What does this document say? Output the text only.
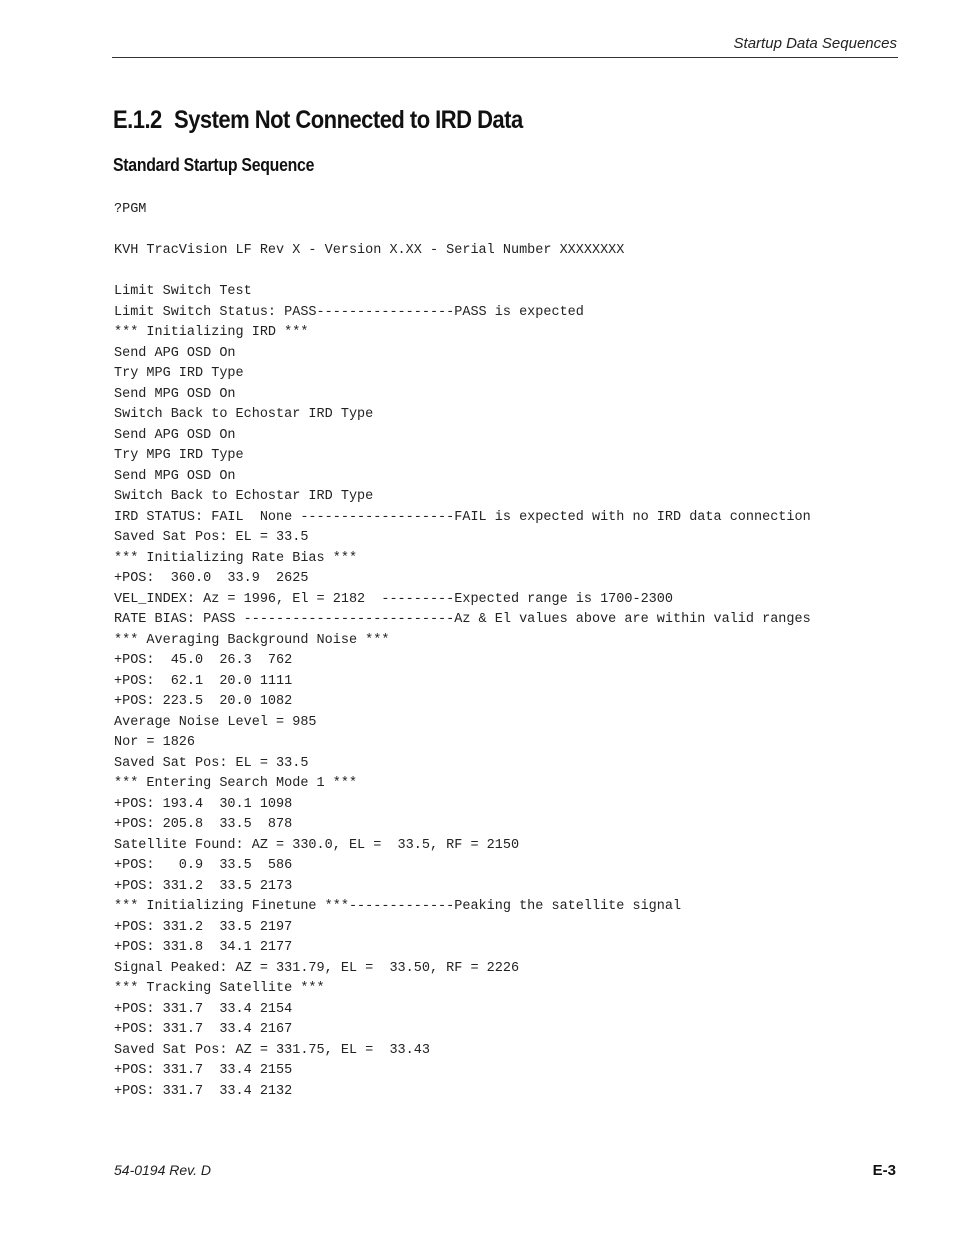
Startup Data Sequences
E.1.2 System Not Connected to IRD Data
Standard Startup Sequence
?PGM
KVH TracVision LF Rev X - Version X.XX - Serial Number XXXXXXXX
Limit Switch Test
Limit Switch Status: PASS-----------------PASS is expected
*** Initializing IRD ***
Send APG OSD On
Try MPG IRD Type
Send MPG OSD On
Switch Back to Echostar IRD Type
Send APG OSD On
Try MPG IRD Type
Send MPG OSD On
Switch Back to Echostar IRD Type
IRD STATUS: FAIL  None -------------------FAIL is expected with no IRD data connection
Saved Sat Pos: EL = 33.5
*** Initializing Rate Bias ***
+POS:  360.0  33.9  2625
VEL_INDEX: Az = 1996, El = 2182  ---------Expected range is 1700-2300
RATE BIAS: PASS --------------------------Az & El values above are within valid ranges
*** Averaging Background Noise ***
+POS:  45.0  26.3  762
+POS:  62.1  20.0 1111
+POS: 223.5  20.0 1082
Average Noise Level = 985
Nor = 1826
Saved Sat Pos: EL = 33.5
*** Entering Search Mode 1 ***
+POS: 193.4  30.1 1098
+POS: 205.8  33.5  878
Satellite Found: AZ = 330.0, EL =  33.5, RF = 2150
+POS:   0.9  33.5  586
+POS: 331.2  33.5 2173
*** Initializing Finetune ***-------------Peaking the satellite signal
+POS: 331.2  33.5 2197
+POS: 331.8  34.1 2177
Signal Peaked: AZ = 331.79, EL =  33.50, RF = 2226
*** Tracking Satellite ***
+POS: 331.7  33.4 2154
+POS: 331.7  33.4 2167
Saved Sat Pos: AZ = 331.75, EL =  33.43
+POS: 331.7  33.4 2155
+POS: 331.7  33.4 2132
54-0194 Rev. D	E-3
